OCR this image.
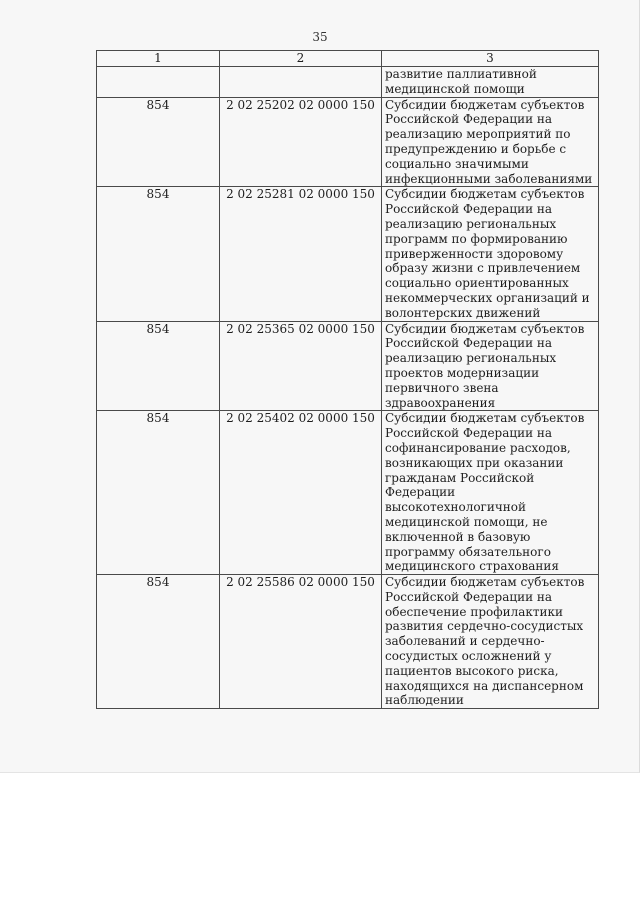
35
1	2	3
		развитие паллиативной медицинской помощи
854	2 02 25202 02 0000 150	Субсидии бюджетам субъектов Российской Федерации на реализацию мероприятий по предупреждению и борьбе с социально значимыми инфекционными заболеваниями
854	2 02 25281 02 0000 150	Субсидии бюджетам субъектов Российской Федерации на реализацию региональных программ по формированию приверженности здоровому образу жизни с привлечением социально ориентированных некоммерческих организаций и волонтерских движений
854	2 02 25365 02 0000 150	Субсидии бюджетам субъектов Российской Федерации на реализацию региональных проектов модернизации первичного звена здравоохранения
854	2 02 25402 02 0000 150	Субсидии бюджетам субъектов Российской Федерации на софинансирование расходов, возникающих при оказании гражданам Российской Федерации высокотехнологичной медицинской помощи, не включенной в базовую программу обязательного медицинского страхования
854	2 02 25586 02 0000 150	Субсидии бюджетам субъектов Российской Федерации на обеспечение профилактики развития сердечно-сосудистых заболеваний и сердечно-сосудистых осложнений у пациентов высокого риска, находящихся на диспансерном наблюдении
